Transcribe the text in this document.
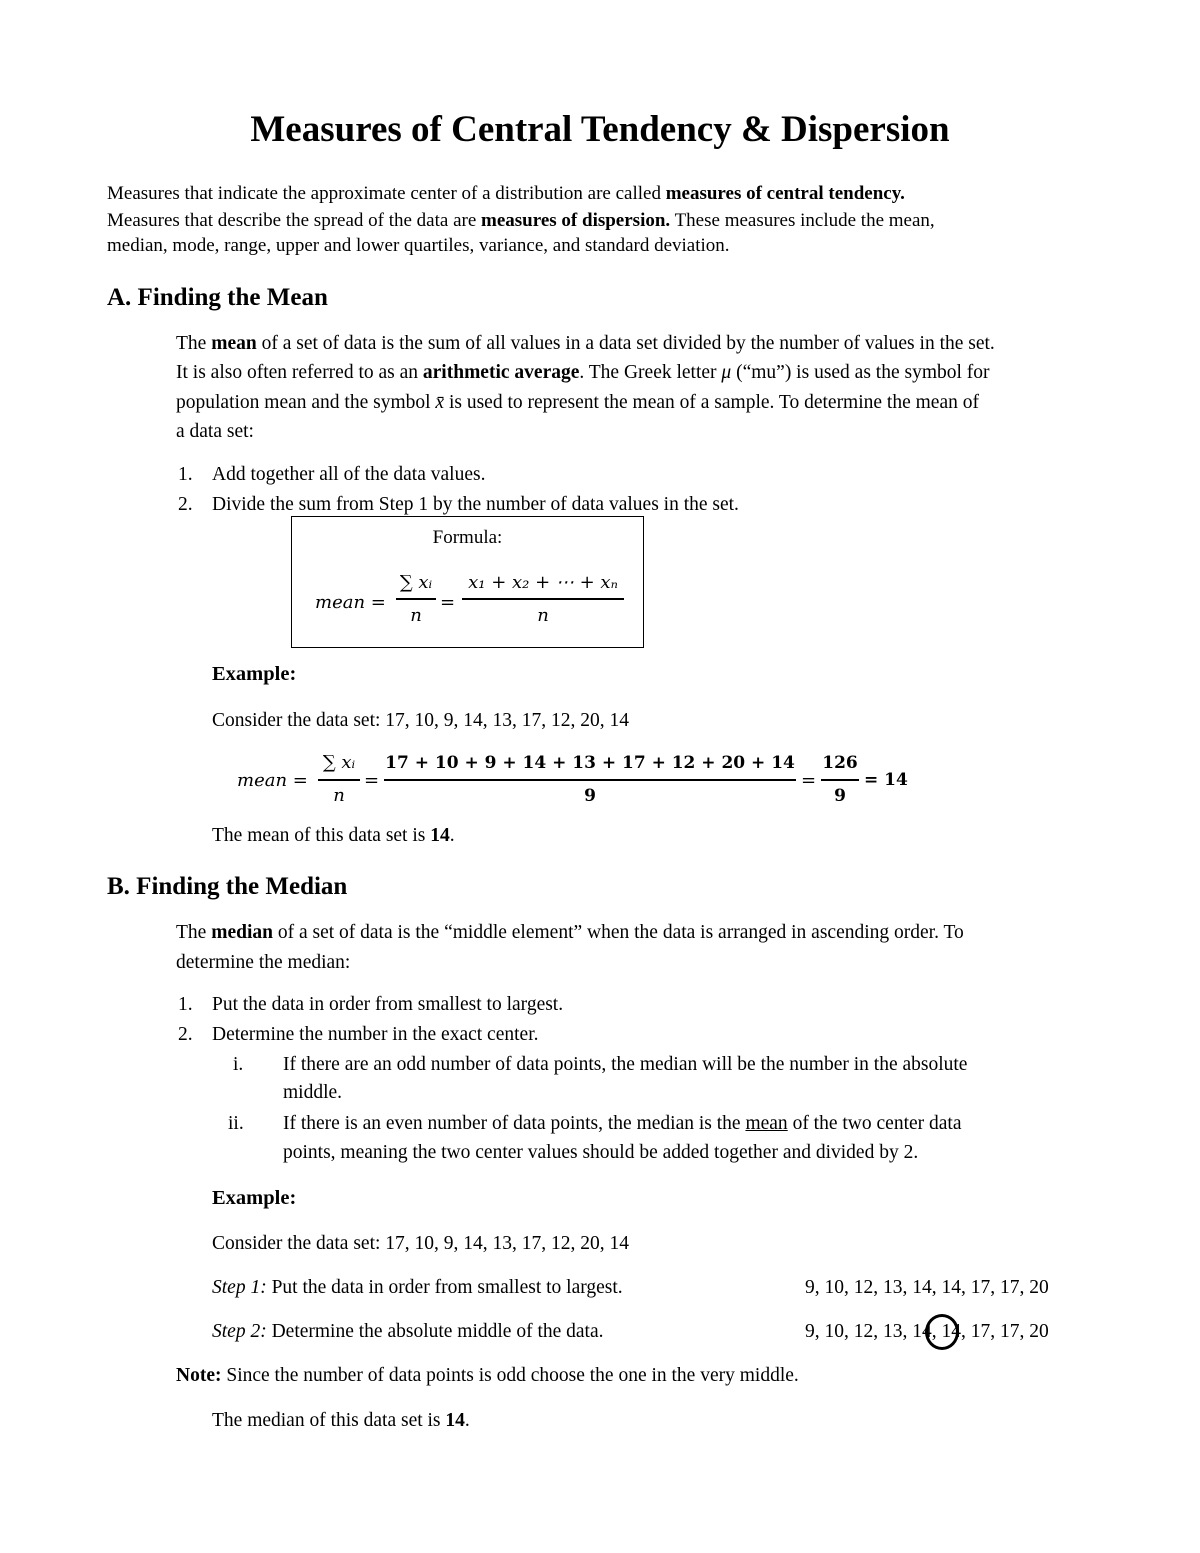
Measures of Central Tendency & Dispersion
Measures that indicate the approximate center of a distribution are called measures of central tendency.
Measures that describe the spread of the data are measures of dispersion. These measures include the mean,
median, mode, range, upper and lower quartiles, variance, and standard deviation.
A. Finding the Mean
The mean of a set of data is the sum of all values in a data set divided by the number of values in the set.
It is also often referred to as an arithmetic average. The Greek letter μ (“mu”) is used as the symbol for
population mean and the symbol x̄ is used to represent the mean of a sample. To determine the mean of
a data set:
1. Add together all of the data values.
2. Divide the sum from Step 1 by the number of data values in the set.
Formula:
mean =
∑ xᵢ
n
=
x₁ + x₂ + ⋯ + xₙ
n
Example:
Consider the data set: 17, 10, 9, 14, 13, 17, 12, 20, 14
mean =
∑ xᵢ
n
=
17 + 10 + 9 + 14 + 13 + 17 + 12 + 20 + 14
9
=
126
9
= 14
The mean of this data set is 14.
B. Finding the Median
The median of a set of data is the “middle element” when the data is arranged in ascending order. To
determine the median:
1. Put the data in order from smallest to largest.
2. Determine the number in the exact center.
i. If there are an odd number of data points, the median will be the number in the absolute
middle.
ii. If there is an even number of data points, the median is the mean of the two center data
points, meaning the two center values should be added together and divided by 2.
Example:
Consider the data set: 17, 10, 9, 14, 13, 17, 12, 20, 14
Step 1: Put the data in order from smallest to largest.	9, 10, 12, 13, 14, 14, 17, 17, 20
Step 2: Determine the absolute middle of the data.	9, 10, 12, 13, 14, 14, 17, 17, 20
Note: Since the number of data points is odd choose the one in the very middle.
The median of this data set is 14.
